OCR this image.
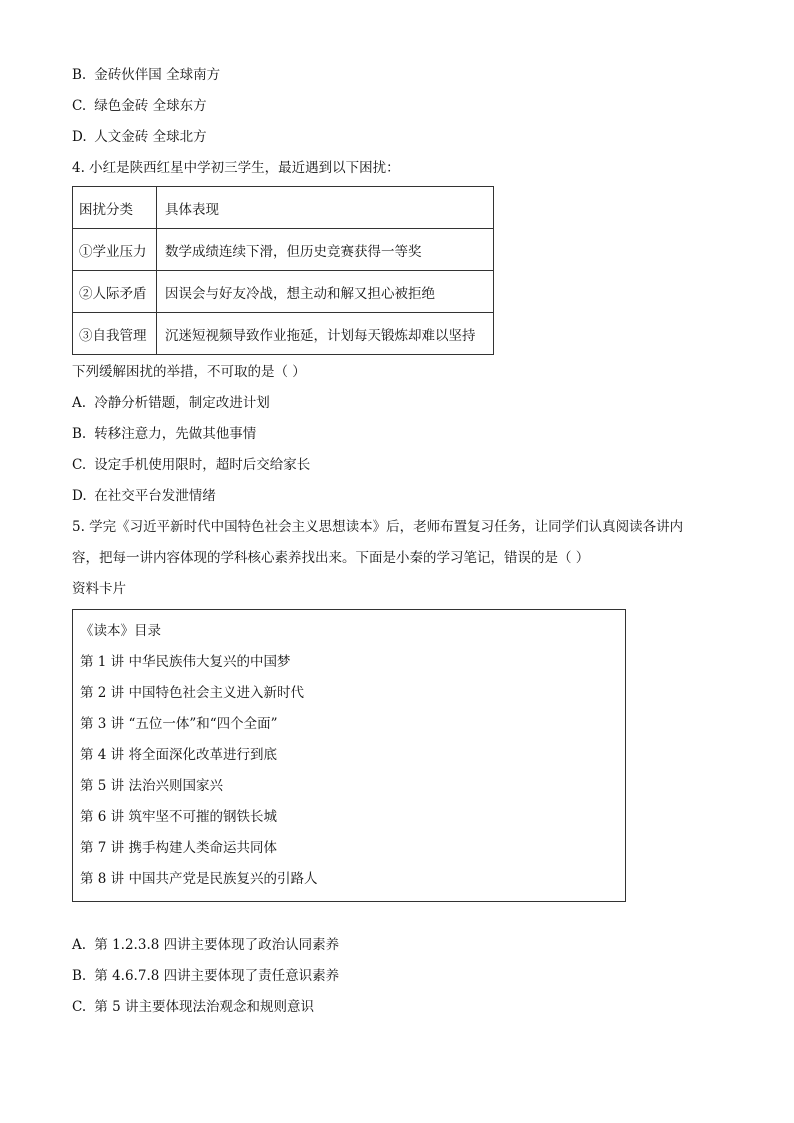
B. 金砖伙伴国 全球南方
C. 绿色金砖 全球东方
D. 人文金砖 全球北方
4. 小红是陕西红星中学初三学生，最近遇到以下困扰：
困扰分类	具体表现
①学业压力	数学成绩连续下滑，但历史竞赛获得一等奖
②人际矛盾	因误会与好友冷战，想主动和解又担心被拒绝
③自我管理	沉迷短视频导致作业拖延，计划每天锻炼却难以坚持
下列缓解困扰的举措，不可取的是（ ）
A. 冷静分析错题，制定改进计划
B. 转移注意力，先做其他事情
C. 设定手机使用限时，超时后交给家长
D. 在社交平台发泄情绪
5. 学完《习近平新时代中国特色社会主义思想读本》后，老师布置复习任务，让同学们认真阅读各讲内
容，把每一讲内容体现的学科核心素养找出来。下面是小秦的学习笔记，错误的是（ ）
资料卡片
《读本》目录
第 1 讲 中华民族伟大复兴的中国梦
第 2 讲 中国特色社会主义进入新时代
第 3 讲 “五位一体”和“四个全面”
第 4 讲 将全面深化改革进行到底
第 5 讲 法治兴则国家兴
第 6 讲 筑牢坚不可摧的钢铁长城
第 7 讲 携手构建人类命运共同体
第 8 讲 中国共产党是民族复兴的引路人
A. 第 1.2.3.8 四讲主要体现了政治认同素养
B. 第 4.6.7.8 四讲主要体现了责任意识素养
C. 第 5 讲主要体现法治观念和规则意识
